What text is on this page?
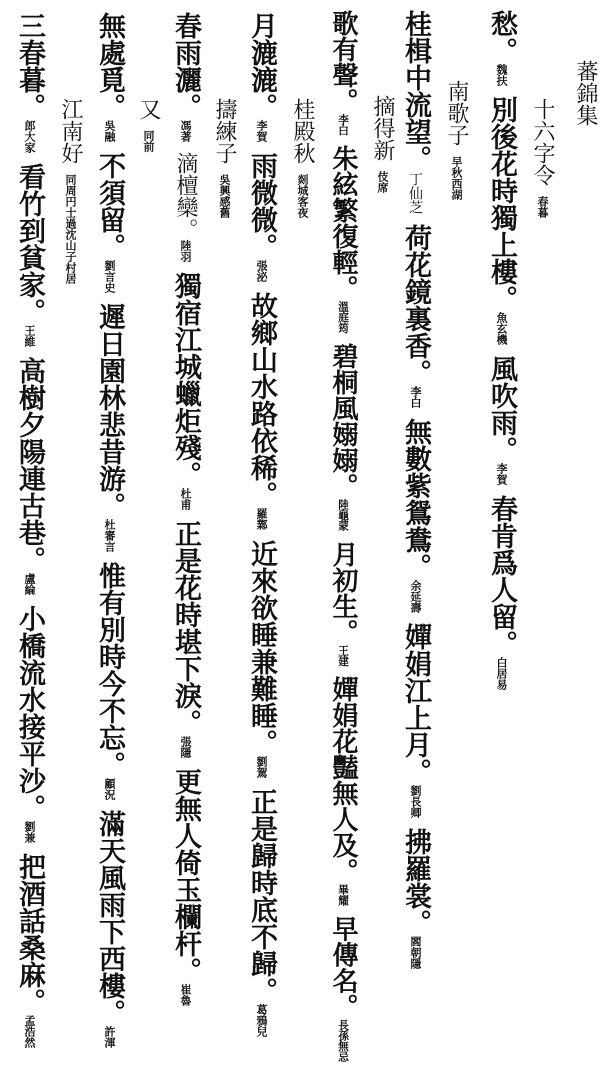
蕃錦集
十六字令春暮
愁。魏扶別後花時獨上樓。魚玄機風吹雨。李賀春肯爲人留。白居易
南歌子早秋西湖
桂楫中流望。丁仙芝荷花鏡裏香。李白無數紫鴛鴦。余延壽嬋娟江上月。劉長卿拂羅裳。閻朝隱
摘得新伎席
歌有聲。李白朱絃繁復輕。溫庭筠碧桐風嫋嫋。陸龜蒙月初生。王建嬋娟花豔無人及。畢耀早傳名。長孫無忌
桂殿秋剡城客夜
月漉漉。李賀雨微微。張泌故鄉山水路依稀。羅鄴近來欲睡兼難睡。劉駕正是歸時底不歸。葛鴉兒
擣練子吳興感舊
春雨灑。馮著滴檀欒。陸羽獨宿江城蠟炬殘。杜甫正是花時堪下淚。張隱更無人倚玉欄杆。崔魯
又同前
無處覓。吳融不須留。劉言史遲日園林悲昔游。杜審言惟有別時今不忘。顧況滿天風雨下西樓。許渾
江南好同周円士過沈山子村居
三春暮。郎大家看竹到貧家。王維高樹夕陽連古巷。盧綸小橋流水接平沙。劉兼把酒話桑麻。孟浩然
